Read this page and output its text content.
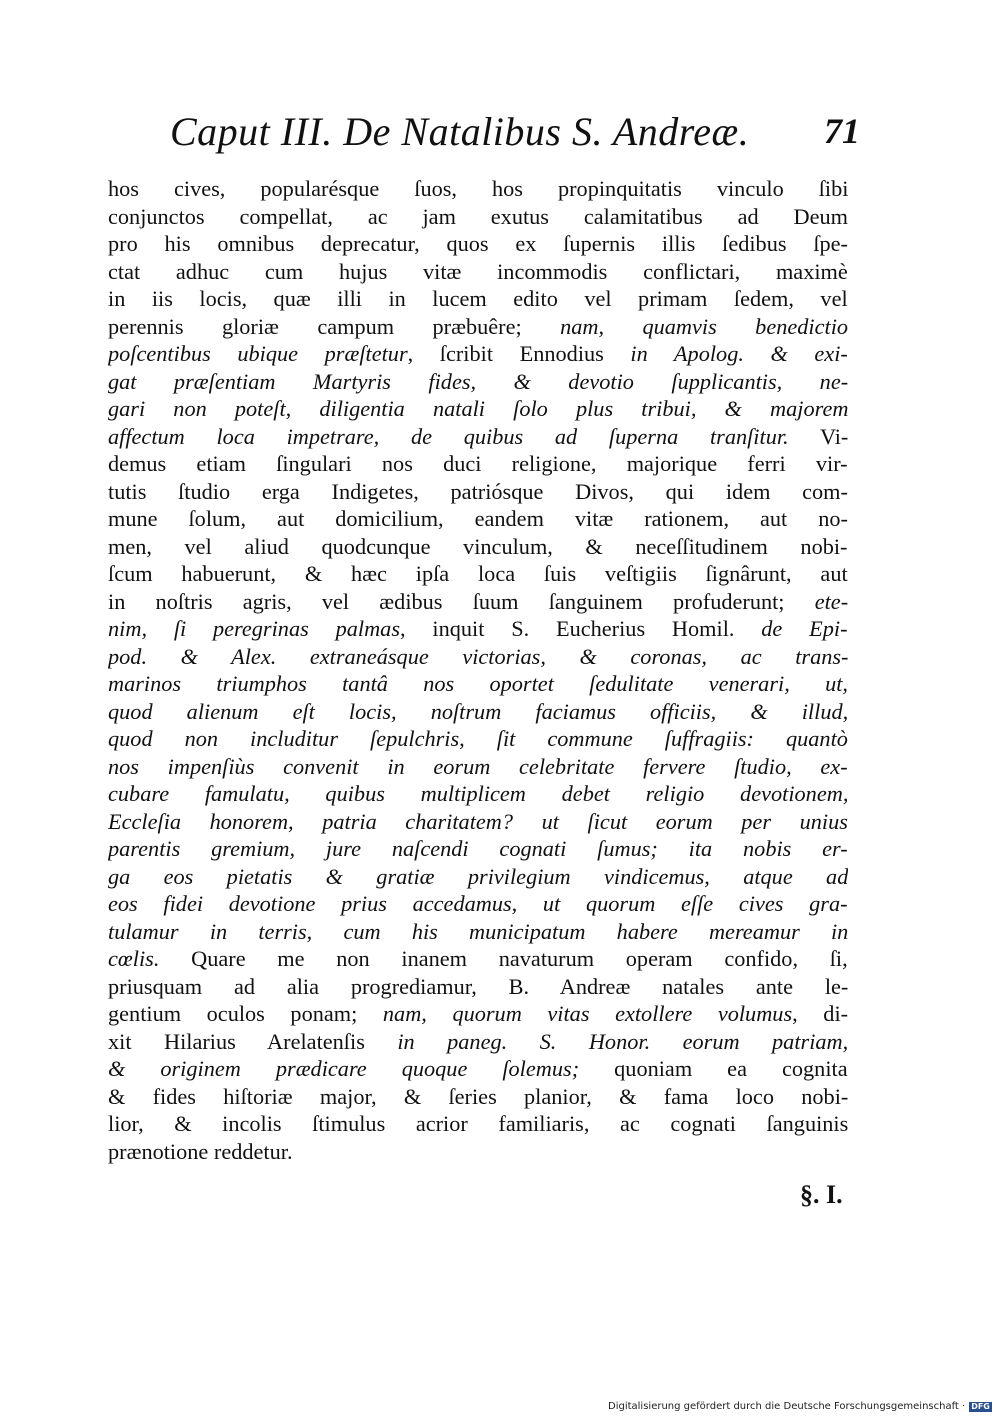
Caput III. De Natalibus S. Andreæ. 71
hos cives, popularésque ſuos, hos propinquitatis vinculo ſibi
conjunctos compellat, ac jam exutus calamitatibus ad Deum
pro his omnibus deprecatur, quos ex ſupernis illis ſedibus ſpe-
ctat adhuc cum hujus vitæ incommodis conflictari, maximè
in iis locis, quæ illi in lucem edito vel primam ſedem, vel
perennis gloriæ campum præbuêre; nam, quamvis benedictio
poſcentibus ubique præſtetur, ſcribit Ennodius in Apolog. & exi-
gat præſentiam Martyris fides, & devotio ſupplicantis, ne-
gari non poteſt, diligentia natali ſolo plus tribui, & majorem
affectum loca impetrare, de quibus ad ſuperna tranſitur. Vi-
demus etiam ſingulari nos duci religione, majorique ferri vir-
tutis ſtudio erga Indigetes, patriósque Divos, qui idem com-
mune ſolum, aut domicilium, eandem vitæ rationem, aut no-
men, vel aliud quodcunque vinculum, & neceſſitudinem nobi-
ſcum habuerunt, & hæc ipſa loca ſuis veſtigiis ſignârunt, aut
in noſtris agris, vel ædibus ſuum ſanguinem profuderunt; ete-
nim, ſi peregrinas palmas, inquit S. Eucherius Homil. de Epi-
pod. & Alex. extraneásque victorias, & coronas, ac trans-
marinos triumphos tantâ nos oportet ſedulitate venerari, ut,
quod alienum eſt locis, noſtrum faciamus officiis, & illud,
quod non includitur ſepulchris, ſit commune ſuffragiis: quantò
nos impenſiùs convenit in eorum celebritate fervere ſtudio, ex-
cubare famulatu, quibus multiplicem debet religio devotionem,
Eccleſia honorem, patria charitatem? ut ſicut eorum per unius
parentis gremium, jure naſcendi cognati ſumus; ita nobis er-
ga eos pietatis & gratiæ privilegium vindicemus, atque ad
eos fidei devotione prius accedamus, ut quorum eſſe cives gra-
tulamur in terris, cum his municipatum habere mereamur in
cœlis. Quare me non inanem navaturum operam confido, ſi,
priusquam ad alia progrediamur, B. Andreæ natales ante le-
gentium oculos ponam; nam, quorum vitas extollere volumus, di-
xit Hilarius Arelatenſis in paneg. S. Honor. eorum patriam,
& originem prædicare quoque ſolemus; quoniam ea cognita
& fides hiſtoriæ major, & ſeries planior, & fama loco nobi-
lior, & incolis ſtimulus acrior familiaris, ac cognati ſanguinis
prænotione reddetur.
§. I.
Digitalisierung gefördert durch die Deutsche Forschungsgemeinschaft · DFG
